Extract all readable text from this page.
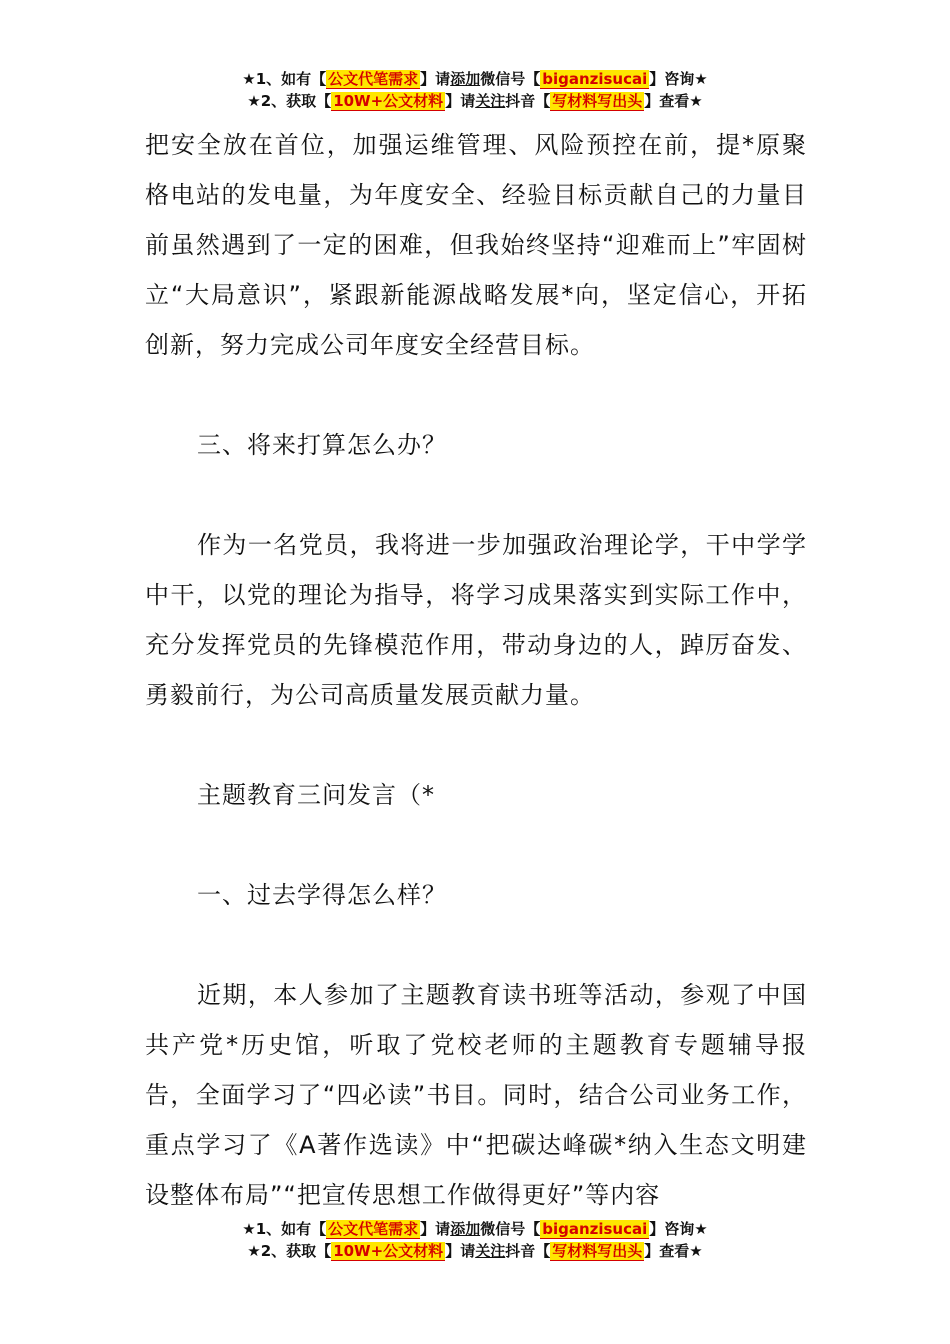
★1、如有【 公文代笔需求 】请添加微信号【 biganzisucai 】咨询★
★2、获取【 10W+公文材料 】请关注抖音【 写材料写出头 】查看★

把安全放在首位，加强运维管理、风险预控在前，提*原聚格电站的发电量，为年度安全、经验目标贡献自己的力量目前虽然遇到了一定的困难，但我始终坚持“迎难而上”牢固树立“大局意识”，紧跟新能源战略发展*向，坚定信心，开拓创新，努力完成公司年度安全经营目标。

三、将来打算怎么办？

作为一名党员，我将进一步加强政治理论学，干中学学中干，以党的理论为指导，将学习成果落实到实际工作中，充分发挥党员的先锋模范作用，带动身边的人，踔厉奋发、勇毅前行，为公司高质量发展贡献力量。

主题教育三问发言（*

一、过去学得怎么样？

近期，本人参加了主题教育读书班等活动，参观了中国共产党*历史馆，听取了党校老师的主题教育专题辅导报告，全面学习了“四必读”书目。同时，结合公司业务工作，重点学习了《A著作选读》中“把碳达峰碳*纳入生态文明建设整体布局”“把宣传思想工作做得更好”等内容

★1、如有【 公文代笔需求 】请添加微信号【 biganzisucai 】咨询★
★2、获取【 10W+公文材料 】请关注抖音【 写材料写出头 】查看★
